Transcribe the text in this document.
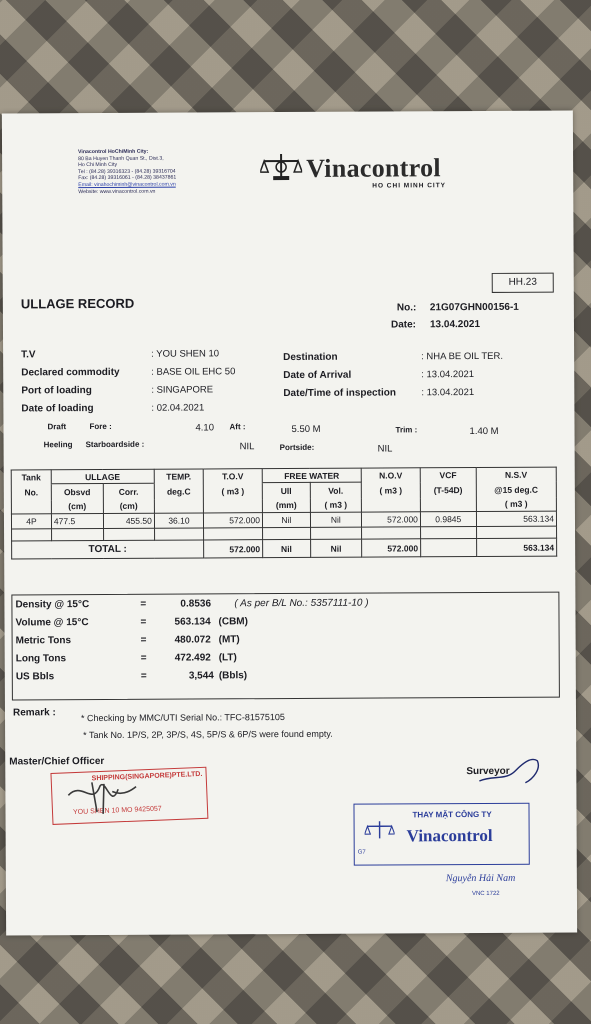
Vinacontrol HoChiMinh City:
80 Ba Huyen Thanh Quan St., Dist.3,
Ho Chi Minh City
Tel : (84.28) 39316323 - (84.28) 39316704
Fax: (84.28) 39316061 - (84.28) 38437861
Email: vinahochiminh@vinacontrol.com.vn
Website: www.vinacontrol.com.vn
Vinacontrol
HO CHI MINH CITY
HH.23
ULLAGE RECORD	No.: 21G07GHN00156-1
Date: 13.04.2021
T.V	: YOU SHEN 10
Declared commodity	: BASE OIL EHC 50
Port of loading	: SINGAPORE
Date of loading	: 02.04.2021
Destination	: NHA BE OIL TER.
Date of Arrival	: 13.04.2021
Date/Time of inspection	: 13.04.2021
Draft	Fore :	4.10 Aft :	5.50 M	Trim :	1.40 M
Heeling Starboardside :	NIL	Portside:	NIL
Tank	ULLAGE		TEMP.	T.O.V	FREE WATER		N.O.V	VCF	N.S.V
No.	Obsvd	Corr.	deg.C	( m3 )	Ull	Vol.	( m3 )	(T-54D)	@15 deg.C
	(cm)	(cm)			(mm)	( m3 )			( m3 )
4P	477.5	455.50	36.10	572.000	Nil	Nil	572.000	0.9845	563.134

TOTAL :				572.000	Nil	Nil	572.000		563.134
Density @ 15°C	=	0.8536 ( As per B/L No.: 5357111-10 )
Volume @ 15°C	=	563.134 (CBM)
Metric Tons	=	480.072 (MT)
Long Tons	=	472.492 (LT)
US Bbls	=	3,544 (Bbls)
Remark :	* Checking by MMC/UTI Serial No.: TFC-81575105
* Tank No. 1P/S, 2P, 3P/S, 4S, 5P/S & 6P/S were found empty.
Master/Chief Officer
Surveyor
SHIPPING(SINGAPORE)PTE.LTD.
YOU SHEN 10 MO 9425057	THAY MẶT CÔNG TY
Vinacontrol
G7
Nguyễn Hải Nam
VNC 1722
